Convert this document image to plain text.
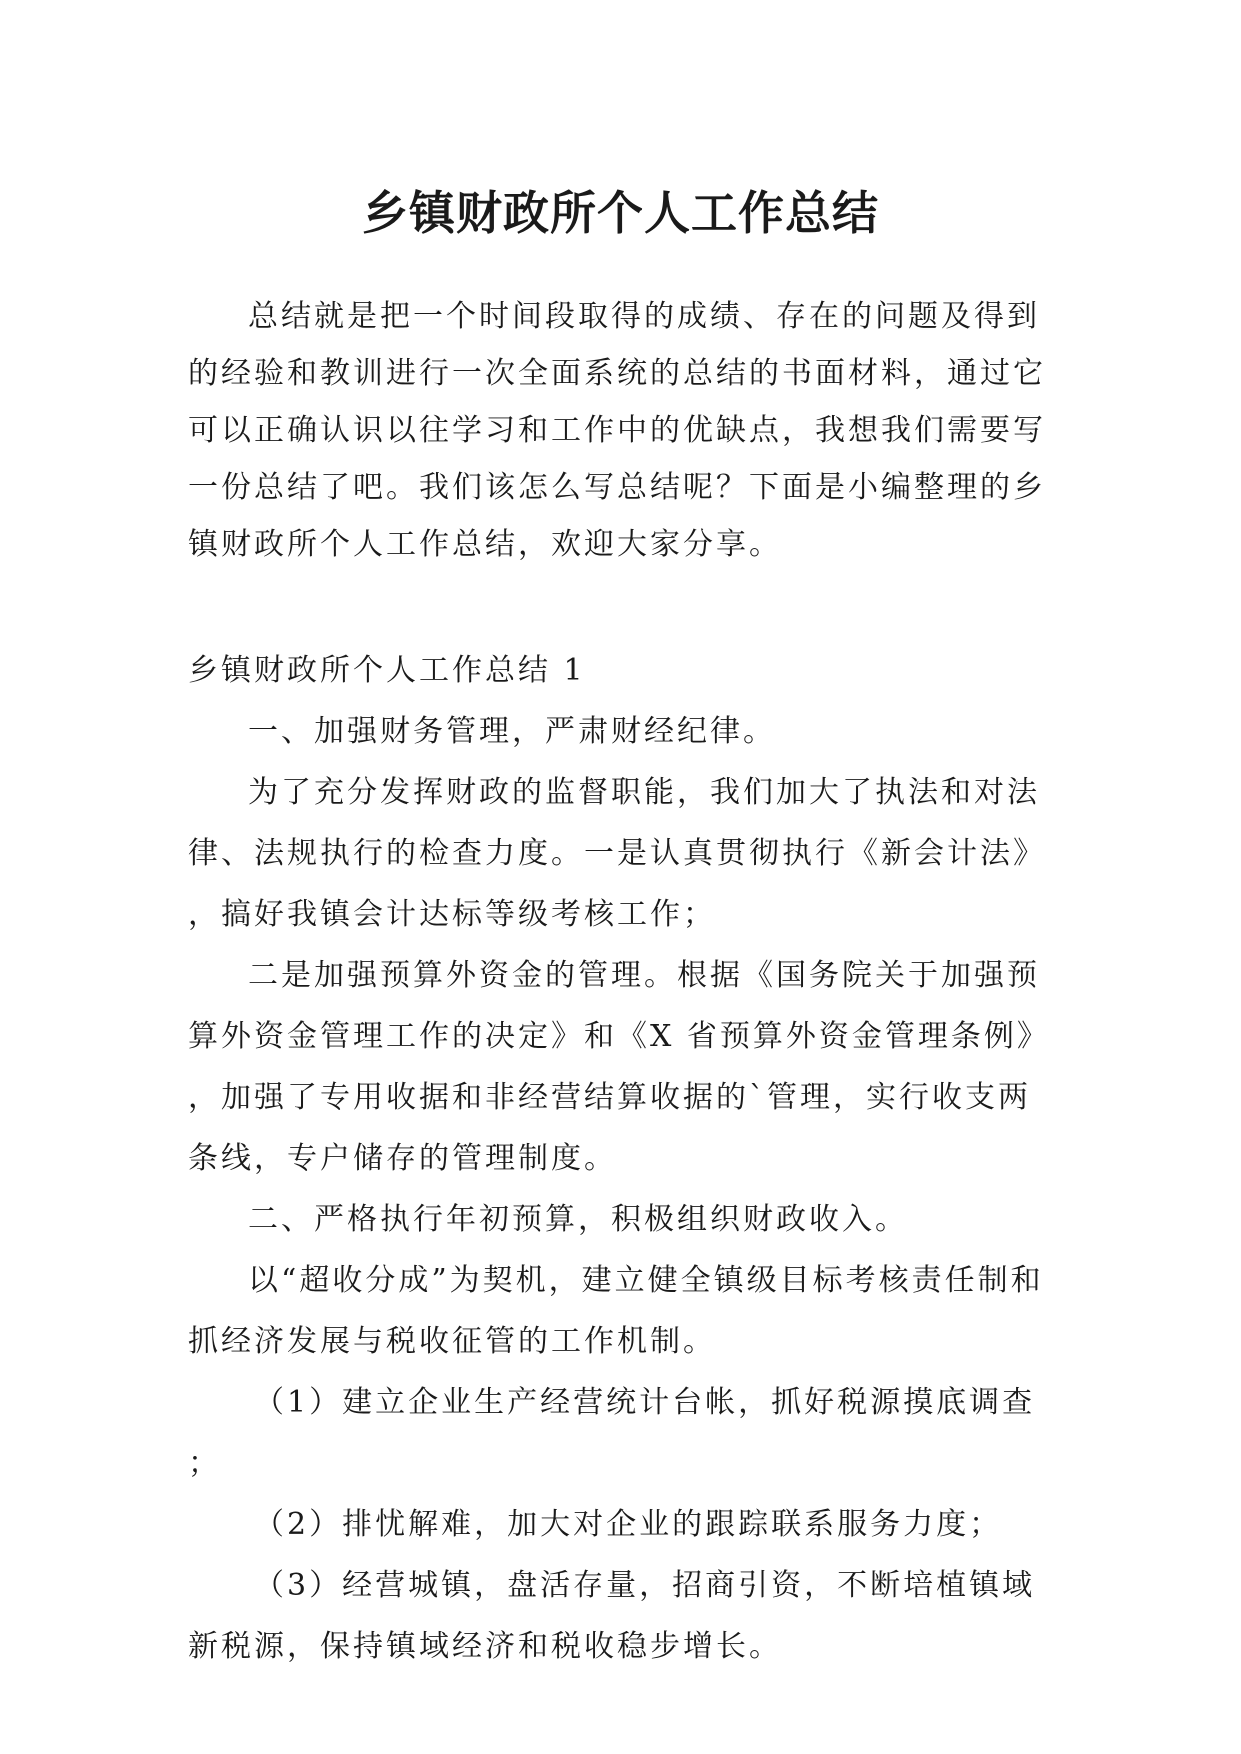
乡镇财政所个人工作总结

总结就是把一个时间段取得的成绩、存在的问题及得到的经验和教训进行一次全面系统的总结的书面材料，通过它可以正确认识以往学习和工作中的优缺点，我想我们需要写一份总结了吧。我们该怎么写总结呢？下面是小编整理的乡镇财政所个人工作总结，欢迎大家分享。

乡镇财政所个人工作总结 1

一、加强财务管理，严肃财经纪律。

为了充分发挥财政的监督职能，我们加大了执法和对法律、法规执行的检查力度。一是认真贯彻执行《新会计法》，搞好我镇会计达标等级考核工作；

二是加强预算外资金的管理。根据《国务院关于加强预算外资金管理工作的决定》和《X 省预算外资金管理条例》，加强了专用收据和非经营结算收据的`管理，实行收支两条线，专户储存的管理制度。

二、严格执行年初预算，积极组织财政收入。

以“超收分成”为契机，建立健全镇级目标考核责任制和抓经济发展与税收征管的工作机制。

（1）建立企业生产经营统计台帐，抓好税源摸底调查；

（2）排忧解难，加大对企业的跟踪联系服务力度；

（3）经营城镇，盘活存量，招商引资，不断培植镇域新税源，保持镇域经济和税收稳步增长。
